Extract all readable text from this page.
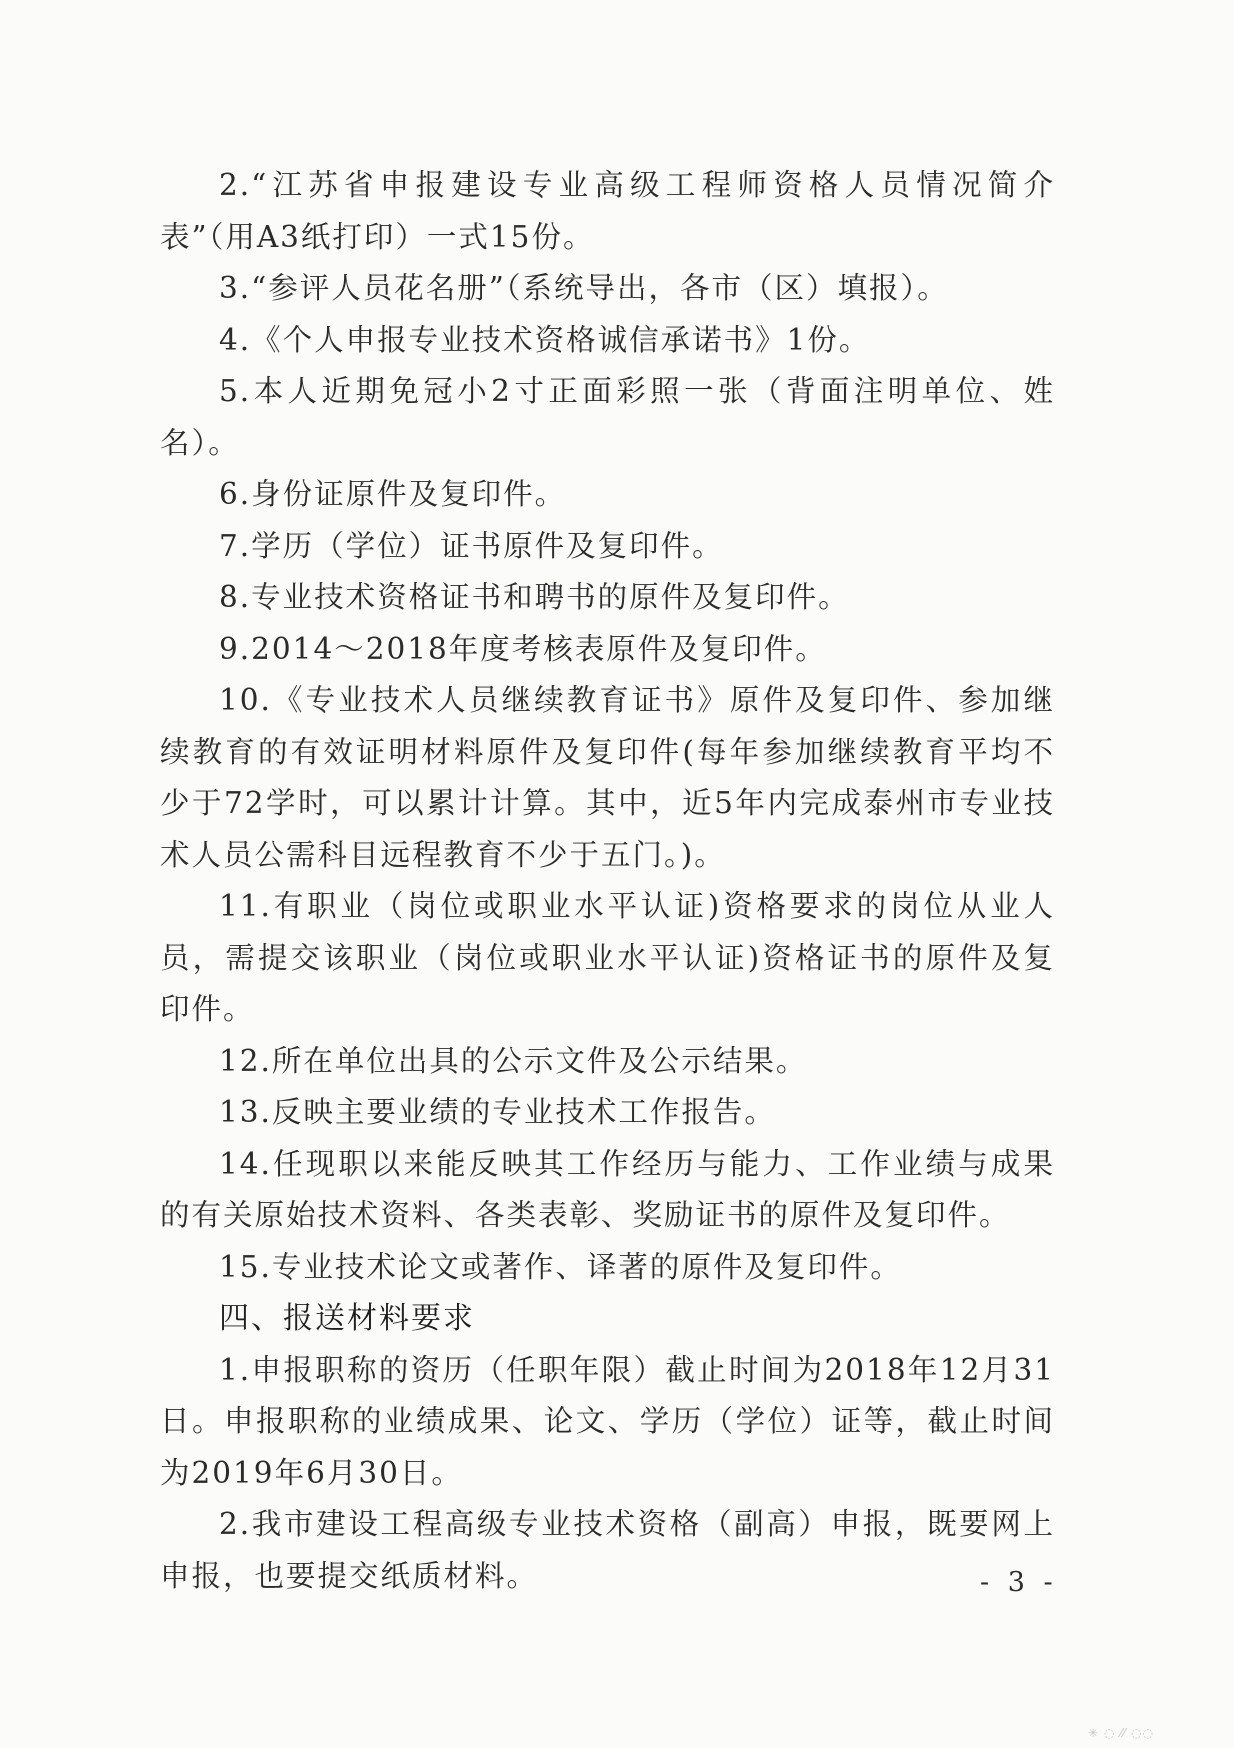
2.“江苏省申报建设专业高级工程师资格人员情况简介表”（用A3纸打印）一式15份。

3.“参评人员花名册”（系统导出，各市（区）填报）。

4.《个人申报专业技术资格诚信承诺书》1份。

5.本人近期免冠小2寸正面彩照一张（背面注明单位、姓名）。

6.身份证原件及复印件。

7.学历（学位）证书原件及复印件。

8.专业技术资格证书和聘书的原件及复印件。

9.2014～2018年度考核表原件及复印件。

10.《专业技术人员继续教育证书》原件及复印件、参加继续教育的有效证明材料原件及复印件(每年参加继续教育平均不少于72学时，可以累计计算。其中，近5年内完成泰州市专业技术人员公需科目远程教育不少于五门。)。

11.有职业（岗位或职业水平认证)资格要求的岗位从业人员，需提交该职业（岗位或职业水平认证)资格证书的原件及复印件。

12.所在单位出具的公示文件及公示结果。

13.反映主要业绩的专业技术工作报告。

14.任现职以来能反映其工作经历与能力、工作业绩与成果的有关原始技术资料、各类表彰、奖励证书的原件及复印件。

15.专业技术论文或著作、译著的原件及复印件。

四、报送材料要求

1.申报职称的资历（任职年限）截止时间为2018年12月31日。申报职称的业绩成果、论文、学历（学位）证等，截止时间为2019年6月30日。

2.我市建设工程高级专业技术资格（副高）申报，既要网上申报，也要提交纸质材料。	- 3 -
✳ ◌ ⁄⁄ ◌◌
